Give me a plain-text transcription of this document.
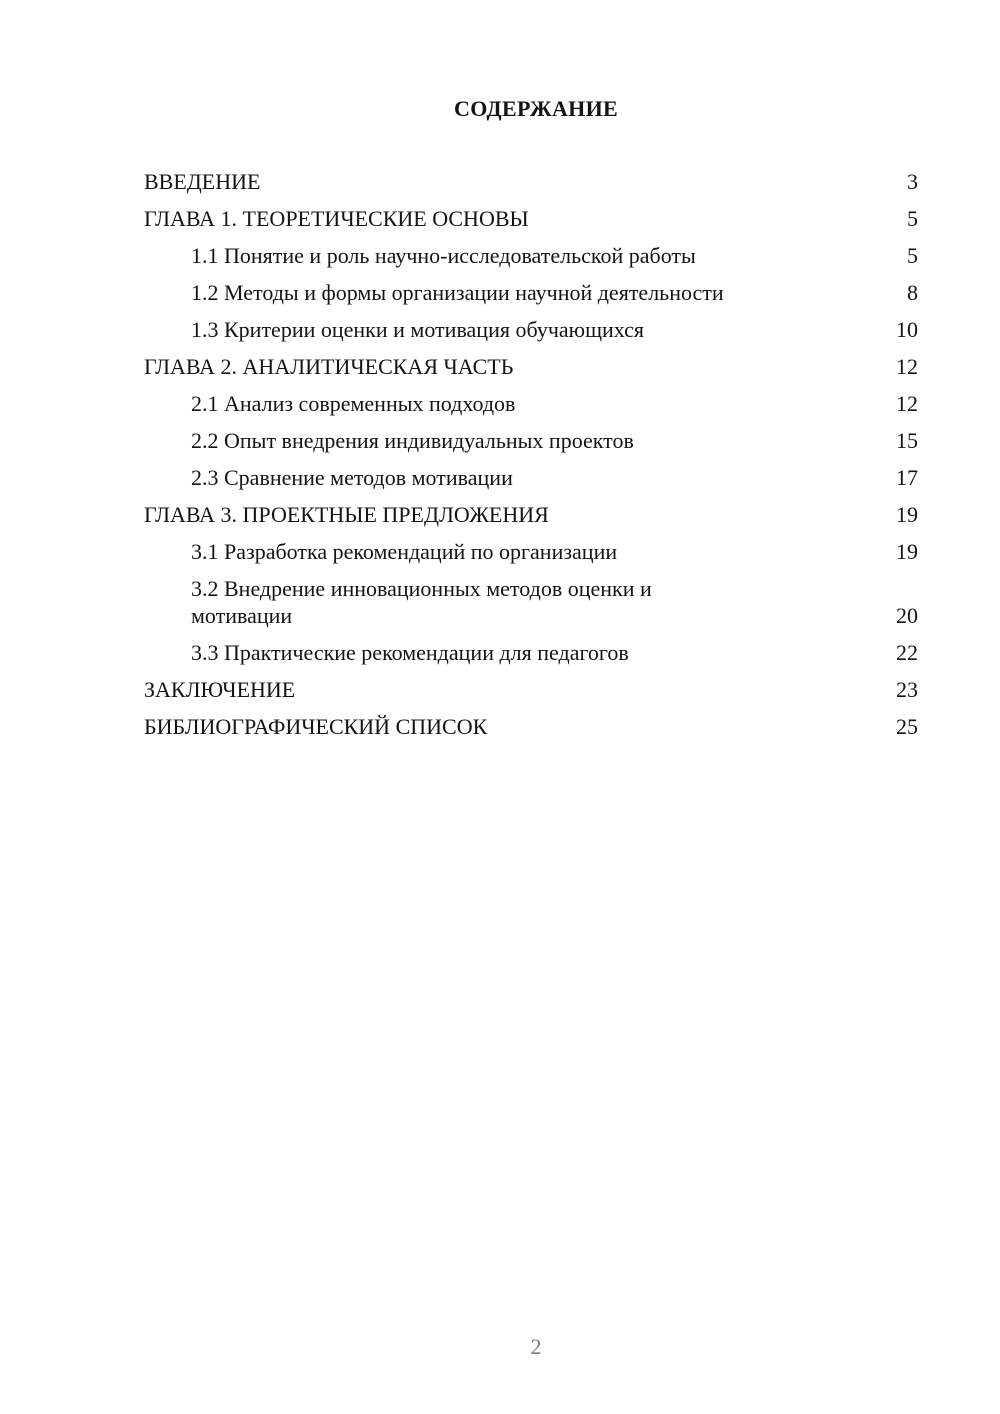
СОДЕРЖАНИЕ
ВВЕДЕНИЕ	3
ГЛАВА 1. ТЕОРЕТИЧЕСКИЕ ОСНОВЫ	5
1.1 Понятие и роль научно-исследовательской работы	5
1.2 Методы и формы организации научной деятельности	8
1.3 Критерии оценки и мотивация обучающихся	10
ГЛАВА 2. АНАЛИТИЧЕСКАЯ ЧАСТЬ	12
2.1 Анализ современных подходов	12
2.2 Опыт внедрения индивидуальных проектов	15
2.3 Сравнение методов мотивации	17
ГЛАВА 3. ПРОЕКТНЫЕ ПРЕДЛОЖЕНИЯ	19
3.1 Разработка рекомендаций по организации	19
3.2 Внедрение инновационных методов оценки и мотивации	20
3.3 Практические рекомендации для педагогов	22
ЗАКЛЮЧЕНИЕ	23
БИБЛИОГРАФИЧЕСКИЙ СПИСОК	25
2
